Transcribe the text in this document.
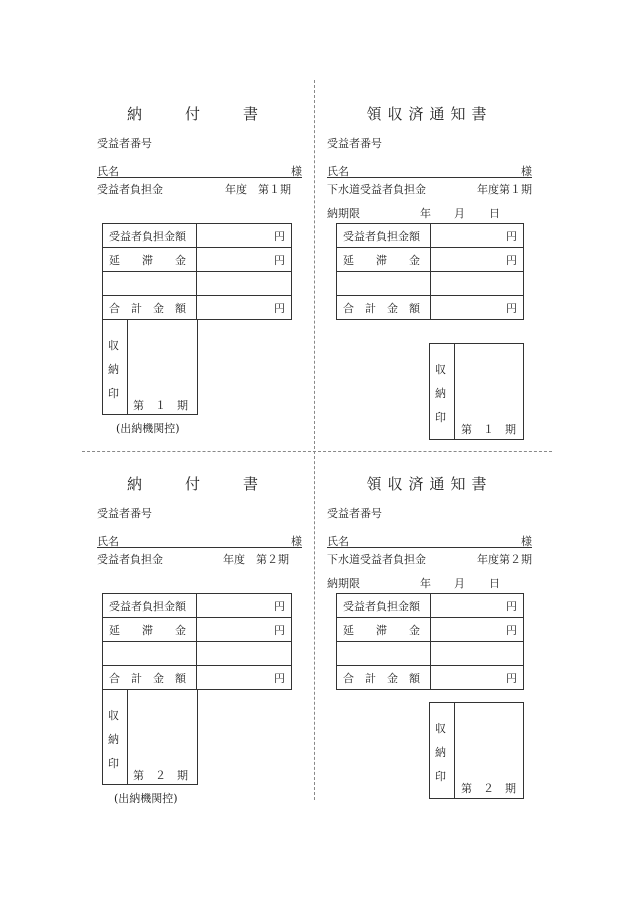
納　付　書
受益者番号
氏名	様
受益者負担金	年度　第１期
受益者負担金額	円
延　　滞　　金	円

合　計　金　額	円
収
納
印
第　１　期
(出納機関控)
領収済通知書
受益者番号
氏名	様
下水道受益者負担金	年度第１期
納期限	年 月 日
受益者負担金額	円
延　　滞　　金	円

合　計　金　額	円
収
納
印
第　１　期
納　付　書
受益者番号
氏名	様
受益者負担金	年度　第２期
受益者負担金額	円
延　　滞　　金	円

合　計　金　額	円
収
納
印
第　２　期
(出納機関控)
領収済通知書
受益者番号
氏名	様
下水道受益者負担金	年度第２期
納期限	年 月 日
受益者負担金額	円
延　　滞　　金	円

合　計　金　額	円
収
納
印
第　２　期
